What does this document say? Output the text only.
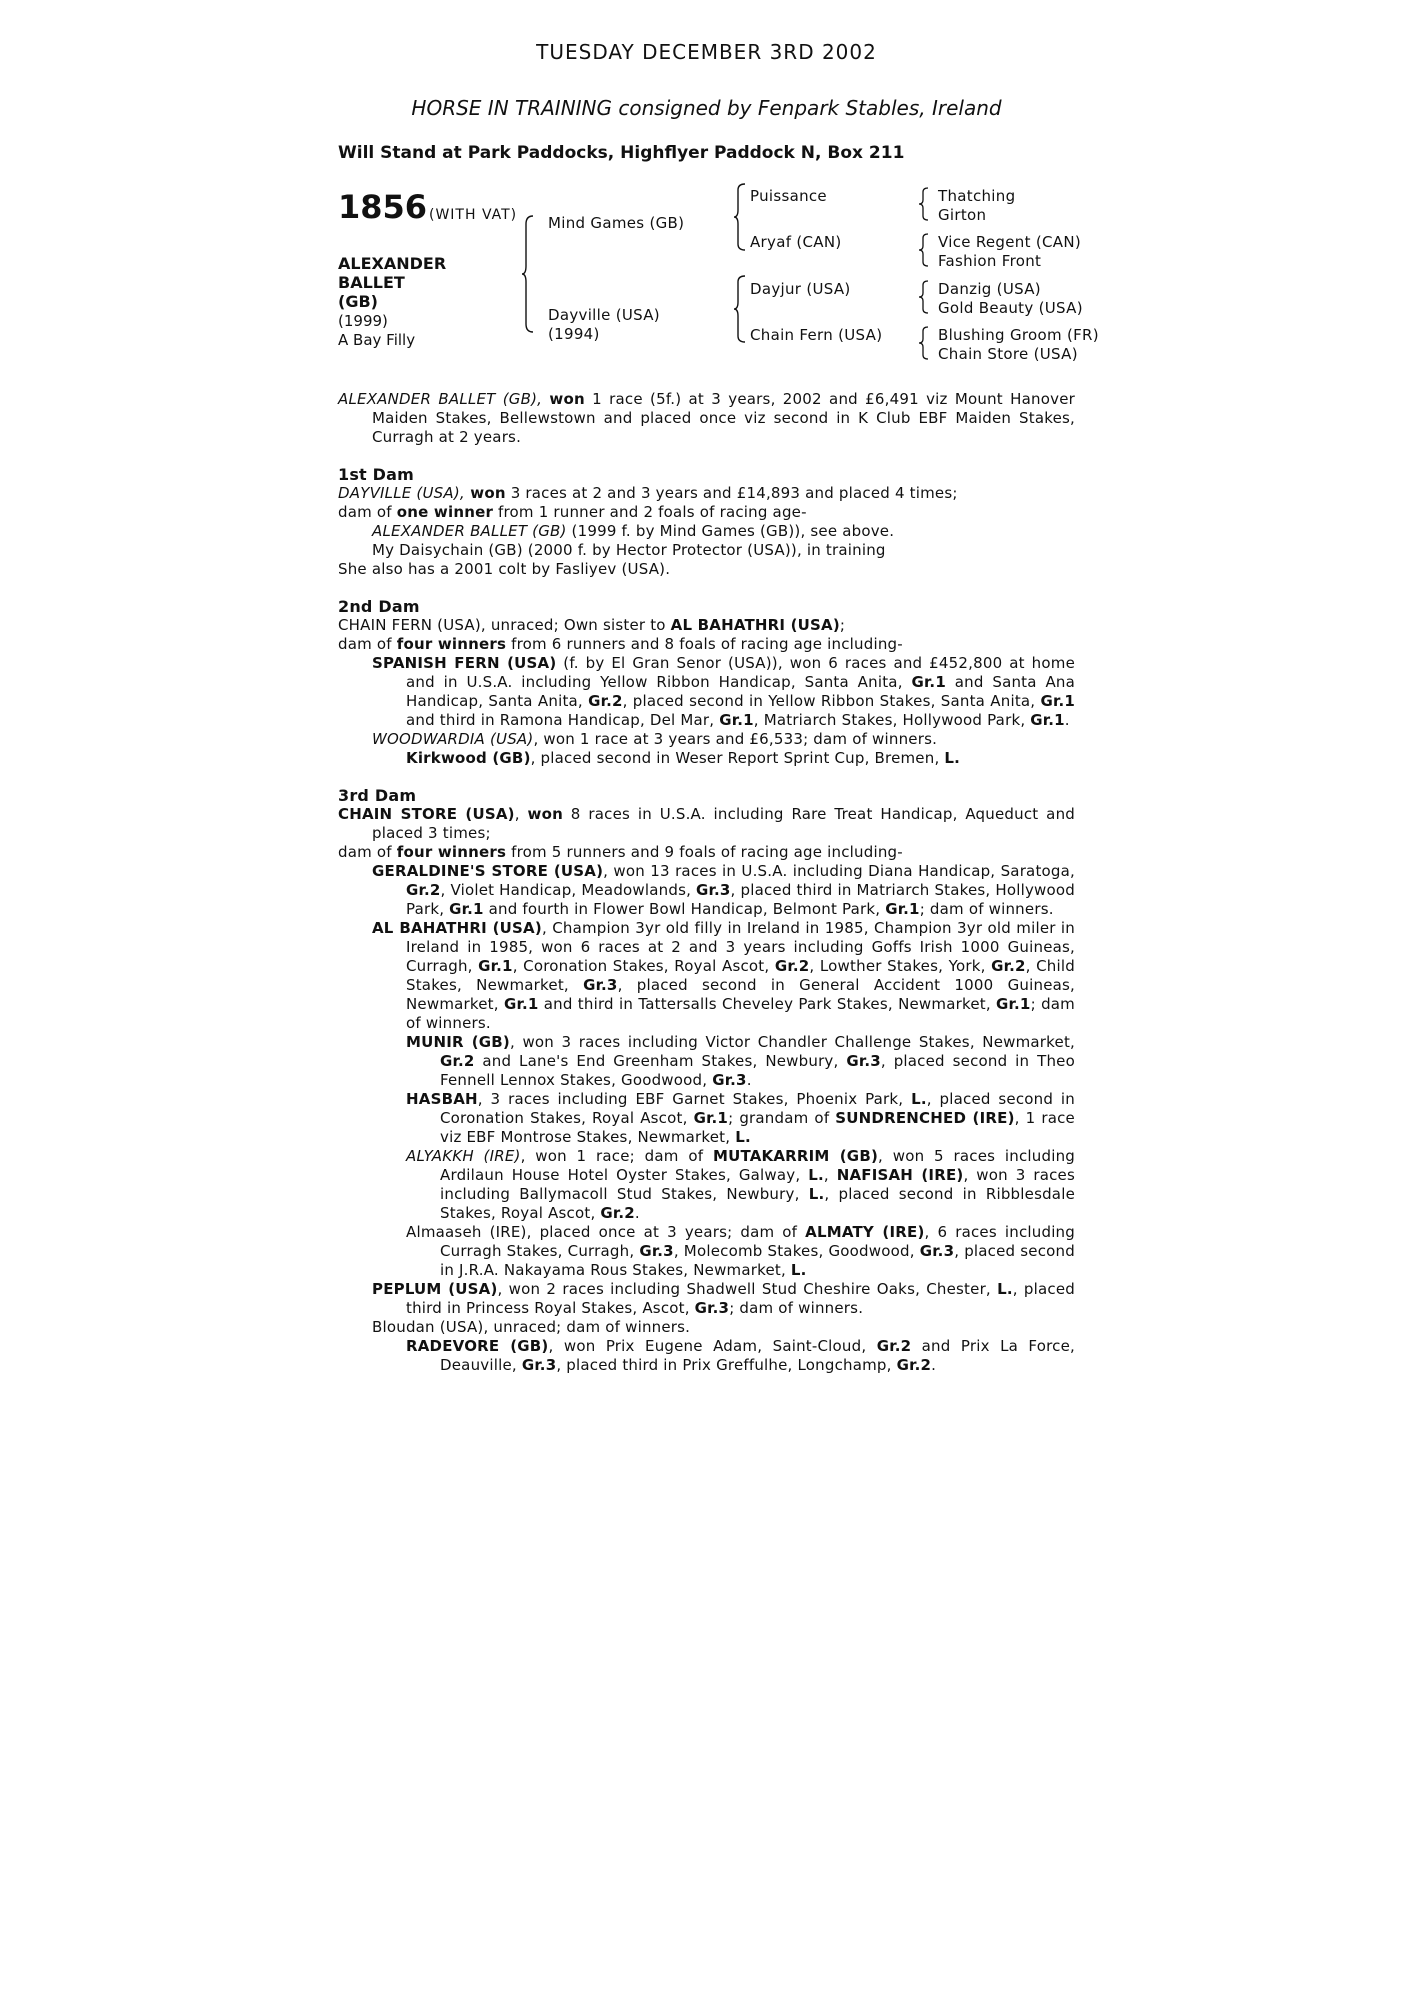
TUESDAY DECEMBER 3RD 2002
HORSE IN TRAINING consigned by Fenpark Stables, Ireland
Will Stand at Park Paddocks, Highflyer Paddock N, Box 211
1856 (WITH VAT)
ALEXANDER
BALLET
(GB)
(1999)
A Bay Filly
Mind Games (GB)
Dayville (USA)
(1994)
Puissance
Aryaf (CAN)
Dayjur (USA)
Chain Fern (USA)
Thatching
Girton
Vice Regent (CAN)
Fashion Front
Danzig (USA)
Gold Beauty (USA)
Blushing Groom (FR)
Chain Store (USA)

ALEXANDER BALLET (GB), won 1 race (5f.) at 3 years, 2002 and £6,491 viz Mount Hanover Maiden Stakes, Bellewstown and placed once viz second in K Club EBF Maiden Stakes, Curragh at 2 years.

1st Dam

DAYVILLE (USA), won 3 races at 2 and 3 years and £14,893 and placed 4 times;

dam of one winner from 1 runner and 2 foals of racing age-

ALEXANDER BALLET (GB) (1999 f. by Mind Games (GB)), see above.

My Daisychain (GB) (2000 f. by Hector Protector (USA)), in training

She also has a 2001 colt by Fasliyev (USA).

2nd Dam

CHAIN FERN (USA), unraced; Own sister to AL BAHATHRI (USA);

dam of four winners from 6 runners and 8 foals of racing age including-

SPANISH FERN (USA) (f. by El Gran Senor (USA)), won 6 races and £452,800 at home and in U.S.A. including Yellow Ribbon Handicap, Santa Anita, Gr.1 and Santa Ana Handicap, Santa Anita, Gr.2, placed second in Yellow Ribbon Stakes, Santa Anita, Gr.1 and third in Ramona Handicap, Del Mar, Gr.1, Matriarch Stakes, Hollywood Park, Gr.1.

WOODWARDIA (USA), won 1 race at 3 years and £6,533; dam of winners.

Kirkwood (GB), placed second in Weser Report Sprint Cup, Bremen, L.

3rd Dam

CHAIN STORE (USA), won 8 races in U.S.A. including Rare Treat Handicap, Aqueduct and placed 3 times;

dam of four winners from 5 runners and 9 foals of racing age including-

GERALDINE'S STORE (USA), won 13 races in U.S.A. including Diana Handicap, Saratoga, Gr.2, Violet Handicap, Meadowlands, Gr.3, placed third in Matriarch Stakes, Hollywood Park, Gr.1 and fourth in Flower Bowl Handicap, Belmont Park, Gr.1; dam of winners.

AL BAHATHRI (USA), Champion 3yr old filly in Ireland in 1985, Champion 3yr old miler in Ireland in 1985, won 6 races at 2 and 3 years including Goffs Irish 1000 Guineas, Curragh, Gr.1, Coronation Stakes, Royal Ascot, Gr.2, Lowther Stakes, York, Gr.2, Child Stakes, Newmarket, Gr.3, placed second in General Accident 1000 Guineas, Newmarket, Gr.1 and third in Tattersalls Cheveley Park Stakes, Newmarket, Gr.1; dam of winners.

MUNIR (GB), won 3 races including Victor Chandler Challenge Stakes, Newmarket, Gr.2 and Lane's End Greenham Stakes, Newbury, Gr.3, placed second in Theo Fennell Lennox Stakes, Goodwood, Gr.3.

HASBAH, 3 races including EBF Garnet Stakes, Phoenix Park, L., placed second in Coronation Stakes, Royal Ascot, Gr.1; grandam of SUNDRENCHED (IRE), 1 race viz EBF Montrose Stakes, Newmarket, L.

ALYAKKH (IRE), won 1 race; dam of MUTAKARRIM (GB), won 5 races including Ardilaun House Hotel Oyster Stakes, Galway, L., NAFISAH (IRE), won 3 races including Ballymacoll Stud Stakes, Newbury, L., placed second in Ribblesdale Stakes, Royal Ascot, Gr.2.

Almaaseh (IRE), placed once at 3 years; dam of ALMATY (IRE), 6 races including Curragh Stakes, Curragh, Gr.3, Molecomb Stakes, Goodwood, Gr.3, placed second in J.R.A. Nakayama Rous Stakes, Newmarket, L.

PEPLUM (USA), won 2 races including Shadwell Stud Cheshire Oaks, Chester, L., placed third in Princess Royal Stakes, Ascot, Gr.3; dam of winners.

Bloudan (USA), unraced; dam of winners.

RADEVORE (GB), won Prix Eugene Adam, Saint-Cloud, Gr.2 and Prix La Force, Deauville, Gr.3, placed third in Prix Greffulhe, Longchamp, Gr.2.
